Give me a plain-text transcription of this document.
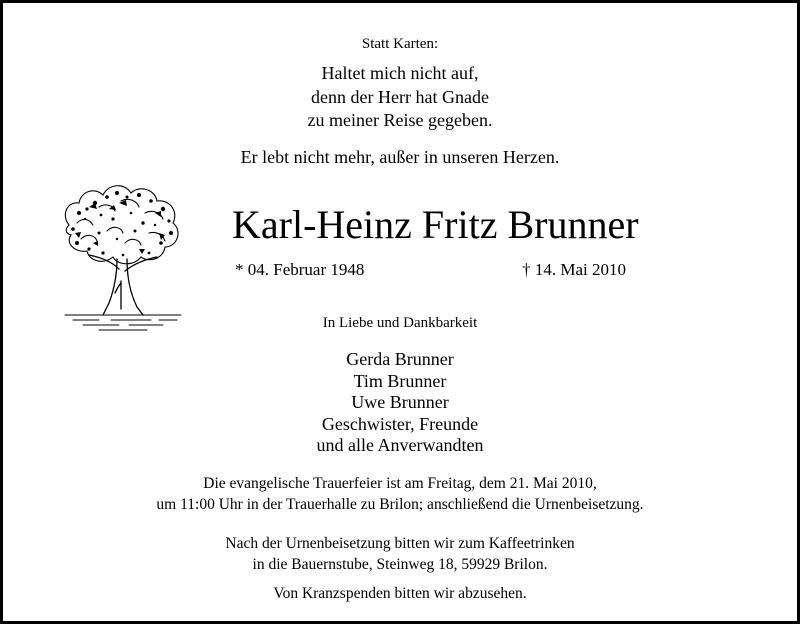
Statt Karten:
Haltet mich nicht auf,
denn der Herr hat Gnade
zu meiner Reise gegeben.
Er lebt nicht mehr, außer in unseren Herzen.
Karl-Heinz Fritz Brunner
* 04. Februar 1948	† 14. Mai 2010
In Liebe und Dankbarkeit
Gerda Brunner
Tim Brunner
Uwe Brunner
Geschwister, Freunde
und alle Anverwandten
Die evangelische Trauerfeier ist am Freitag, dem 21. Mai 2010,
um 11:00 Uhr in der Trauerhalle zu Brilon; anschließend die Urnenbeisetzung.
Nach der Urnenbeisetzung bitten wir zum Kaffeetrinken
in die Bauernstube, Steinweg 18, 59929 Brilon.
Von Kranzspenden bitten wir abzusehen.
